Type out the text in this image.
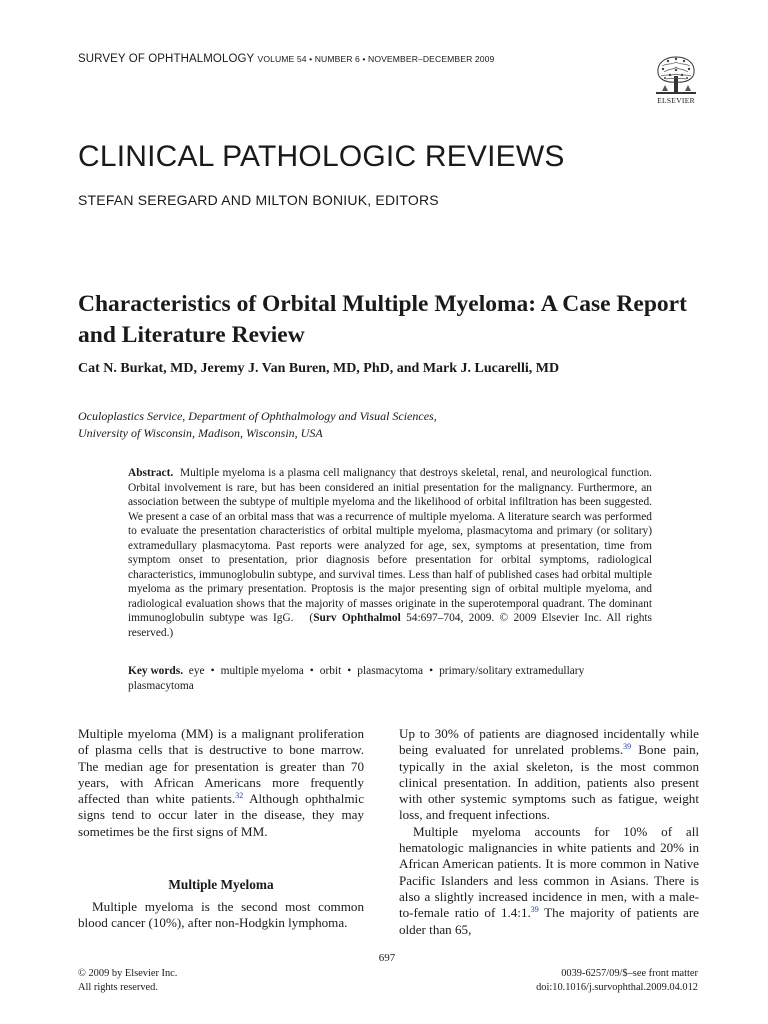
SURVEY OF OPHTHALMOLOGY VOLUME 54 • NUMBER 6 • NOVEMBER–DECEMBER 2009
ELSEVIER
CLINICAL PATHOLOGIC REVIEWS
STEFAN SEREGARD AND MILTON BONIUK, EDITORS
Characteristics of Orbital Multiple Myeloma: A Case Report and Literature Review
Cat N. Burkat, MD, Jeremy J. Van Buren, MD, PhD, and Mark J. Lucarelli, MD
Oculoplastics Service, Department of Ophthalmology and Visual Sciences,
University of Wisconsin, Madison, Wisconsin, USA
Abstract. Multiple myeloma is a plasma cell malignancy that destroys skeletal, renal, and neurological function. Orbital involvement is rare, but has been considered an initial presentation for the malignancy. Furthermore, an association between the subtype of multiple myeloma and the likelihood of orbital infiltration has been suggested. We present a case of an orbital mass that was a recurrence of multiple myeloma. A literature search was performed to evaluate the presentation characteristics of orbital multiple myeloma, plasmacytoma and primary (or solitary) extramedullary plasmacytoma. Past reports were analyzed for age, sex, symptoms at presentation, time from symptom onset to presentation, prior diagnosis before presentation for orbital symptoms, radiological characteristics, immunoglobulin subtype, and survival times. Less than half of published cases had orbital multiple myeloma as the primary presentation. Proptosis is the major presenting sign of orbital multiple myeloma, and radiological evaluation shows that the majority of masses originate in the superotemporal quadrant. The dominant immunoglobulin subtype was IgG. (Surv Ophthalmol 54:697–704, 2009. © 2009 Elsevier Inc. All rights reserved.)
Key words. eye • multiple myeloma • orbit • plasmacytoma • primary/solitary extramedullary plasmacytoma

Multiple myeloma (MM) is a malignant proliferation of plasma cells that is destructive to bone marrow. The median age for presentation is greater than 70 years, with African Americans more frequently affected than white patients.$^{32}$ Although ophthalmic signs tend to occur later in the disease, they may sometimes be the first signs of MM.

Multiple Myeloma

Multiple myeloma is the second most common blood cancer (10%), after non-Hodgkin lymphoma.

Up to 30% of patients are diagnosed incidentally while being evaluated for unrelated problems.$^{39}$ Bone pain, typically in the axial skeleton, is the most common clinical presentation. In addition, patients also present with other systemic symptoms such as fatigue, weight loss, and frequent infections.

Multiple myeloma accounts for 10% of all hematologic malignancies in white patients and 20% in African American patients. It is more common in Native Pacific Islanders and less common in Asians. There is also a slightly increased incidence in men, with a male-to-female ratio of 1.4:1.39 The majority of patients are older than 65,

697
© 2009 by Elsevier Inc.
All rights reserved.
0039-6257/09/$–see front matter
doi:10.1016/j.survophthal.2009.04.012
